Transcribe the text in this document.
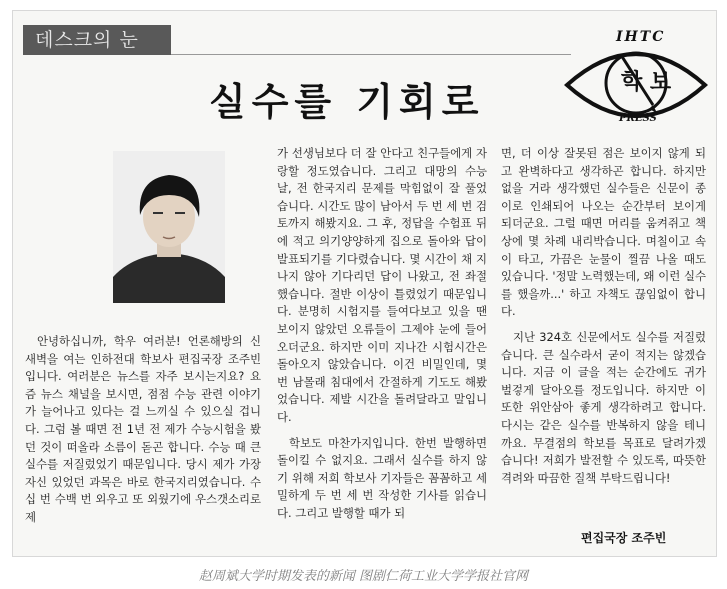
데스크의 눈
실수를 기회로
IHTC
학 보
PRESS

안녕하십니까, 학우 여러분! 언론해방의 신 새벽을 여는 인하전대 학보사 편집국장 조주빈 입니다. 여러분은 뉴스를 자주 보시는지요? 요즘 뉴스 채널을 보시면, 점점 수능 관련 이야기가 늘어나고 있다는 걸 느끼실 수 있으실 겁니다. 그럼 볼 때면 전 1년 전 제가 수능시험을 봤던 것이 떠올라 소름이 돋곤 합니다. 수능 때 큰 실수를 저질렀었기 때문입니다. 당시 제가 가장 자신 있었던 과목은 바로 한국지리였습니다. 수십 번 수백 번 외우고 또 외웠기에 우스갯소리로 제

가 선생님보다 더 잘 안다고 친구들에게 자랑할 정도였습니다. 그리고 대망의 수능 날, 전 한국지리 문제를 막힘없이 잘 풀었습니다. 시간도 많이 남아서 두 번 세 번 검토까지 해봤지요. 그 후, 정답을 수험표 뒤에 적고 의기양양하게 집으로 돌아와 답이 발표되기를 기다렸습니다. 몇 시간이 채 지나지 않아 기다리던 답이 나왔고, 전 좌절했습니다. 절반 이상이 틀렸었기 때문입니다. 분명히 시험지를 들여다보고 있을 땐 보이지 않았던 오류들이 그제야 눈에 들어오더군요. 하지만 이미 지나간 시험시간은 돌아오지 않았습니다. 이건 비밀인데, 몇 번 남몰래 침대에서 간절하게 기도도 해봤었습니다. 제발 시간을 돌려달라고 말입니다.

학보도 마찬가지입니다. 한번 발행하면 돌이킬 수 없지요. 그래서 실수를 하지 않기 위해 저희 학보사 기자들은 꼼꼼하고 세밀하게 두 번 세 번 작성한 기사를 읽습니다. 그리고 발행할 때가 되

면, 더 이상 잘못된 점은 보이지 않게 되고 완벽하다고 생각하곤 합니다. 하지만 없을 거라 생각했던 실수들은 신문이 종이로 인쇄되어 나오는 순간부터 보이게 되더군요. 그럴 때면 머리를 움켜쥐고 책상에 몇 차례 내리박습니다. 며칠이고 속이 타고, 가끔은 눈물이 찔끔 나올 때도 있습니다. '정말 노력했는데, 왜 이런 실수를 했을까...' 하고 자책도 끊임없이 합니다.

지난 324호 신문에서도 실수를 저질렀습니다. 큰 실수라서 굳이 적지는 않겠습니다. 지금 이 글을 적는 순간에도 귀가 벌겋게 달아오를 정도입니다. 하지만 이 또한 위안삼아 좋게 생각하려고 합니다. 다시는 같은 실수를 반복하지 않을 테니까요. 무결점의 학보를 목표로 달려가겠습니다! 저희가 발전할 수 있도록, 따뜻한 격려와 따끔한 질책 부탁드립니다!

편집국장 조주빈
赵周斌大学时期发表的新闻 图剧仁荷工业大学学报社官网
